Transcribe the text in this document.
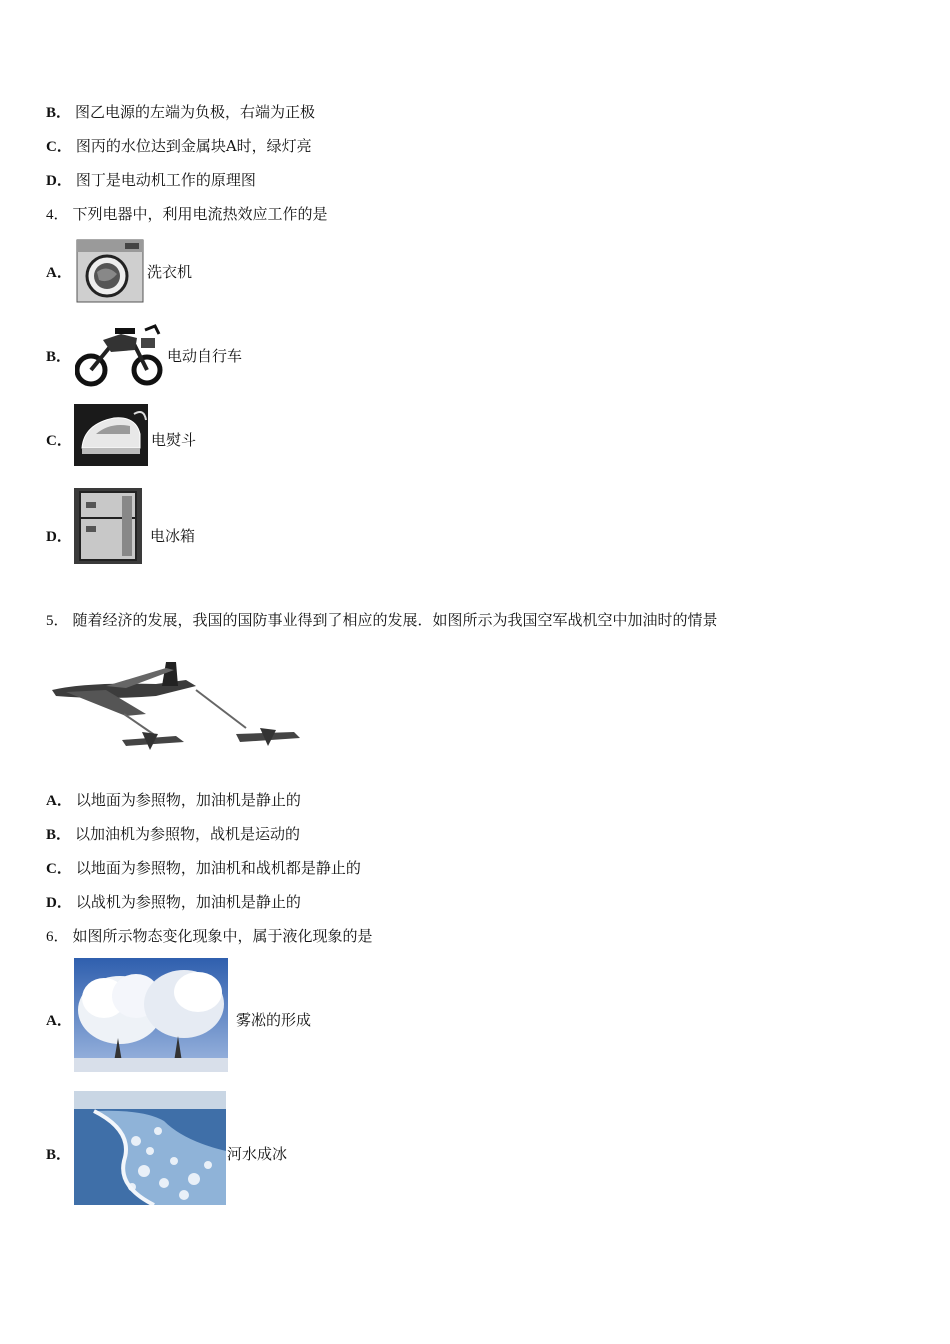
B． 图乙电源的左端为负极，右端为正极
C． 图丙的水位达到金属块A时，绿灯亮
D． 图丁是电动机工作的原理图
4． 下列电器中，利用电流热效应工作的是
A．	洗衣机
B．	电动自行车
C．	电熨斗
D．	电冰箱
5． 随着经济的发展，我国的国防事业得到了相应的发展．如图所示为我国空军战机空中加油时的情景
A． 以地面为参照物，加油机是静止的
B． 以加油机为参照物，战机是运动的
C． 以地面为参照物，加油机和战机都是静止的
D． 以战机为参照物，加油机是静止的
6． 如图所示物态变化现象中，属于液化现象的是
A．	雾凇的形成
B．	河水成冰
